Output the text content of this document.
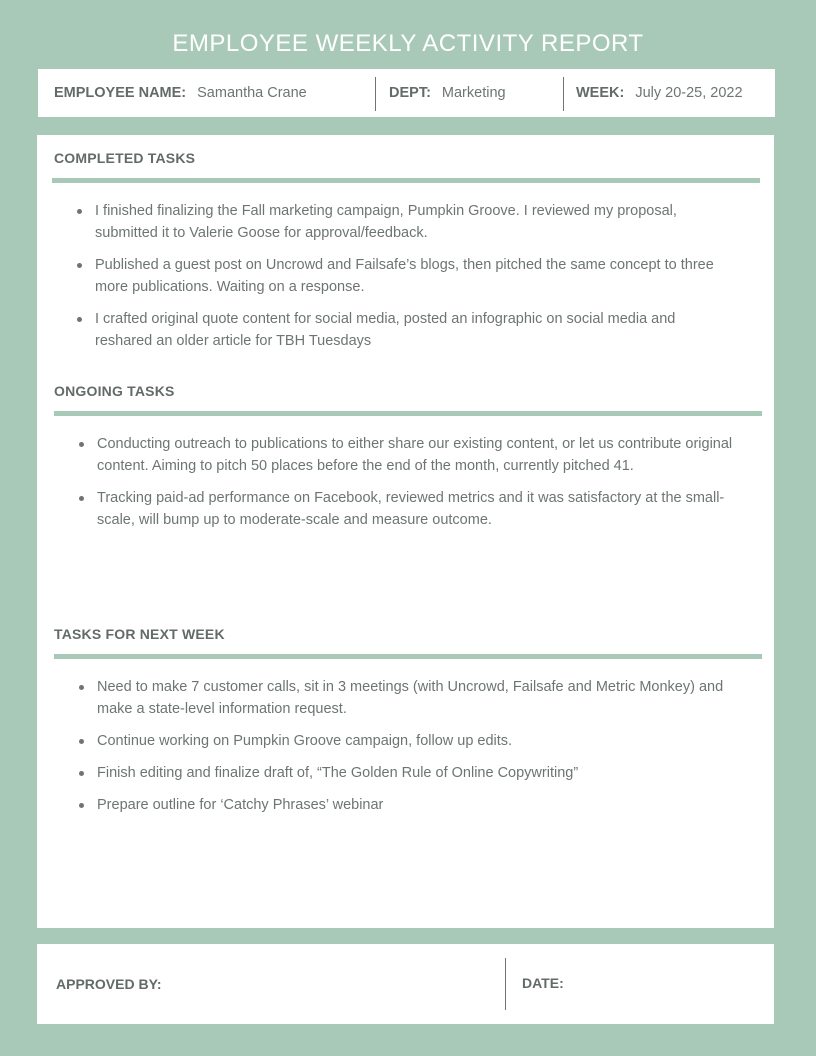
EMPLOYEE WEEKLY ACTIVITY REPORT
EMPLOYEE NAME: Samantha Crane	DEPT: Marketing	WEEK: July 20-25, 2022
COMPLETED TASKS
I finished finalizing the Fall marketing campaign, Pumpkin Groove. I reviewed my proposal, submitted it to Valerie Goose for approval/feedback.
Published a guest post on Uncrowd and Failsafe’s blogs, then pitched the same concept to three more publications. Waiting on a response.
I crafted original quote content for social media, posted an infographic on social media and reshared an older article for TBH Tuesdays
ONGOING TASKS
Conducting outreach to publications to either share our existing content, or let us contribute original content. Aiming to pitch 50 places before the end of the month, currently pitched 41.
Tracking paid-ad performance on Facebook, reviewed metrics and it was satisfactory at the small-scale, will bump up to moderate-scale and measure outcome.
TASKS FOR NEXT WEEK
Need to make 7 customer calls, sit in 3 meetings (with Uncrowd, Failsafe and Metric Monkey) and make a state-level information request.
Continue working on Pumpkin Groove campaign, follow up edits.
Finish editing and finalize draft of, “The Golden Rule of Online Copywriting”
Prepare outline for ‘Catchy Phrases’ webinar
APPROVED BY:	DATE:
